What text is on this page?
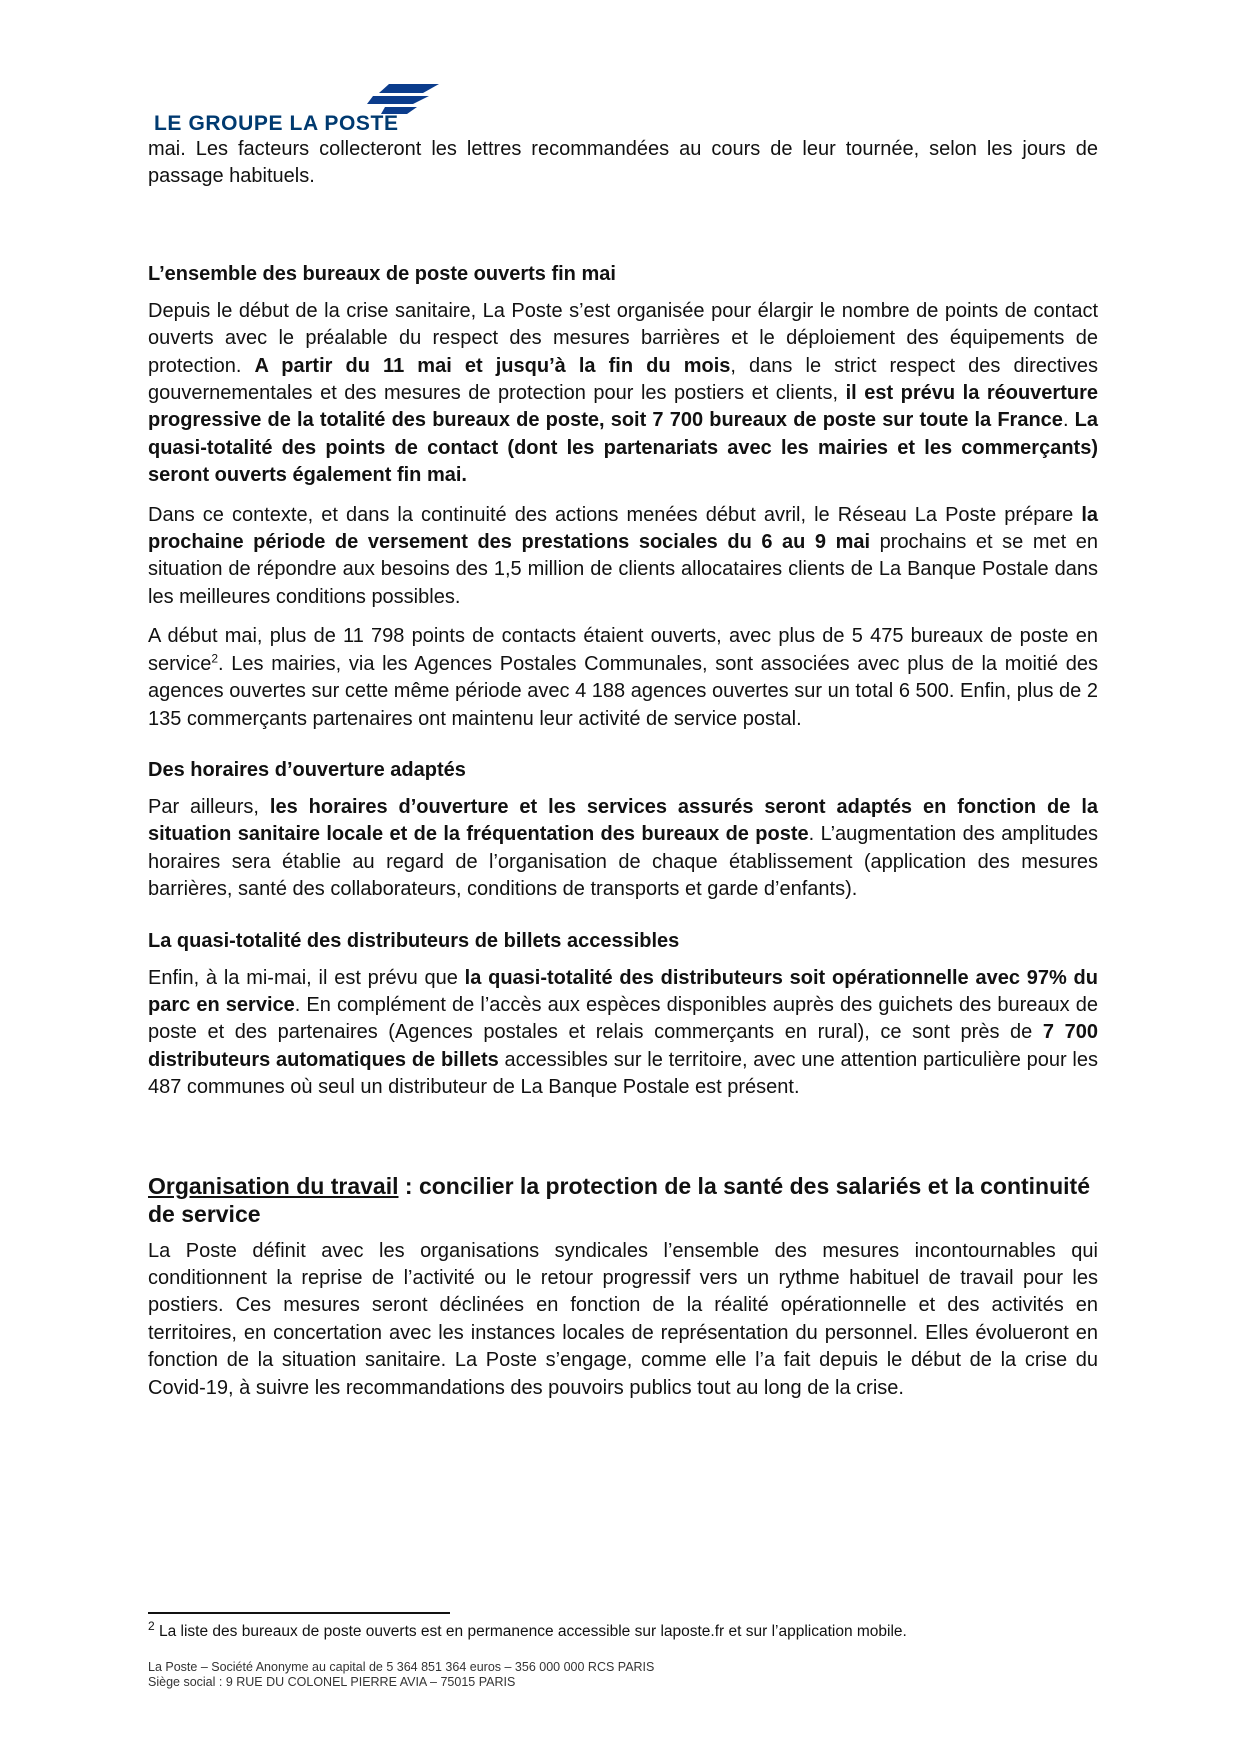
LE GROUPE LA POSTE

mai. Les facteurs collecteront les lettres recommandées au cours de leur tournée, selon les jours de passage habituels.

L’ensemble des bureaux de poste ouverts fin mai

Depuis le début de la crise sanitaire, La Poste s’est organisée pour élargir le nombre de points de contact ouverts avec le préalable du respect des mesures barrières et le déploiement des équipements de protection. A partir du 11 mai et jusqu’à la fin du mois, dans le strict respect des directives gouvernementales et des mesures de protection pour les postiers et clients, il est prévu la réouverture progressive de la totalité des bureaux de poste, soit 7 700 bureaux de poste sur toute la France. La quasi-totalité des points de contact (dont les partenariats avec les mairies et les commerçants) seront ouverts également fin mai.

Dans ce contexte, et dans la continuité des actions menées début avril, le Réseau La Poste prépare la prochaine période de versement des prestations sociales du 6 au 9 mai prochains et se met en situation de répondre aux besoins des 1,5 million de clients allocataires clients de La Banque Postale dans les meilleures conditions possibles.

A début mai, plus de 11 798 points de contacts étaient ouverts, avec plus de 5 475 bureaux de poste en service$^2$. Les mairies, via les Agences Postales Communales, sont associées avec plus de la moitié des agences ouvertes sur cette même période avec 4 188 agences ouvertes sur un total 6 500. Enfin, plus de 2 135 commerçants partenaires ont maintenu leur activité de service postal.

Des horaires d’ouverture adaptés

Par ailleurs, les horaires d’ouverture et les services assurés seront adaptés en fonction de la situation sanitaire locale et de la fréquentation des bureaux de poste. L’augmentation des amplitudes horaires sera établie au regard de l’organisation de chaque établissement (application des mesures barrières, santé des collaborateurs, conditions de transports et garde d’enfants).

La quasi-totalité des distributeurs de billets accessibles

Enfin, à la mi-mai, il est prévu que la quasi-totalité des distributeurs soit opérationnelle avec 97% du parc en service. En complément de l’accès aux espèces disponibles auprès des guichets des bureaux de poste et des partenaires (Agences postales et relais commerçants en rural), ce sont près de 7 700 distributeurs automatiques de billets accessibles sur le territoire, avec une attention particulière pour les 487 communes où seul un distributeur de La Banque Postale est présent.

Organisation du travail : concilier la protection de la santé des salariés et la continuité de service

La Poste définit avec les organisations syndicales l’ensemble des mesures incontournables qui conditionnent la reprise de l’activité ou le retour progressif vers un rythme habituel de travail pour les postiers. Ces mesures seront déclinées en fonction de la réalité opérationnelle et des activités en territoires, en concertation avec les instances locales de représentation du personnel. Elles évolueront en fonction de la situation sanitaire. La Poste s’engage, comme elle l’a fait depuis le début de la crise du Covid-19, à suivre les recommandations des pouvoirs publics tout au long de la crise.

$^2$ La liste des bureaux de poste ouverts est en permanence accessible sur laposte.fr et sur l’application mobile.
La Poste – Société Anonyme au capital de 5 364 851 364 euros – 356 000 000 RCS PARIS
Siège social : 9 RUE DU COLONEL PIERRE AVIA – 75015 PARIS
